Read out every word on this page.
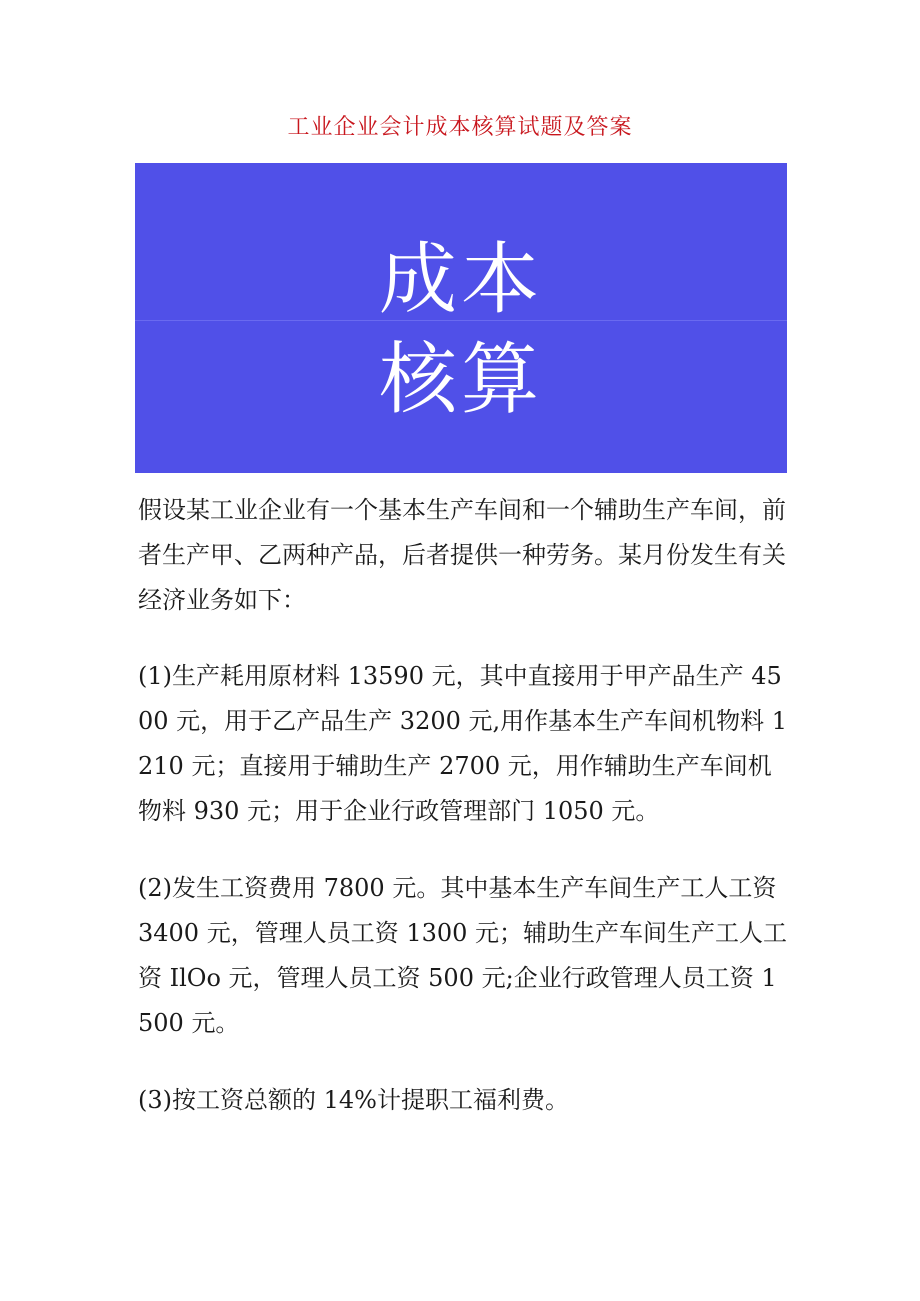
工业企业会计成本核算试题及答案
成本
核算

假设某工业企业有一个基本生产车间和一个辅助生产车间，前者生产甲、乙两种产品，后者提供一种劳务。某月份发生有关经济业务如下：

(1)生产耗用原材料 13590 元，其中直接用于甲产品生产 4500 元，用于乙产品生产 3200 元,用作基本生产车间机物料 1210 元；直接用于辅助生产 2700 元，用作辅助生产车间机物料 930 元；用于企业行政管理部门 1050 元。

(2)发生工资费用 7800 元。其中基本生产车间生产工人工资 3400 元，管理人员工资 1300 元；辅助生产车间生产工人工资 IlOo 元，管理人员工资 500 元;企业行政管理人员工资 1500 元。

(3)按工资总额的 14%计提职工福利费。
